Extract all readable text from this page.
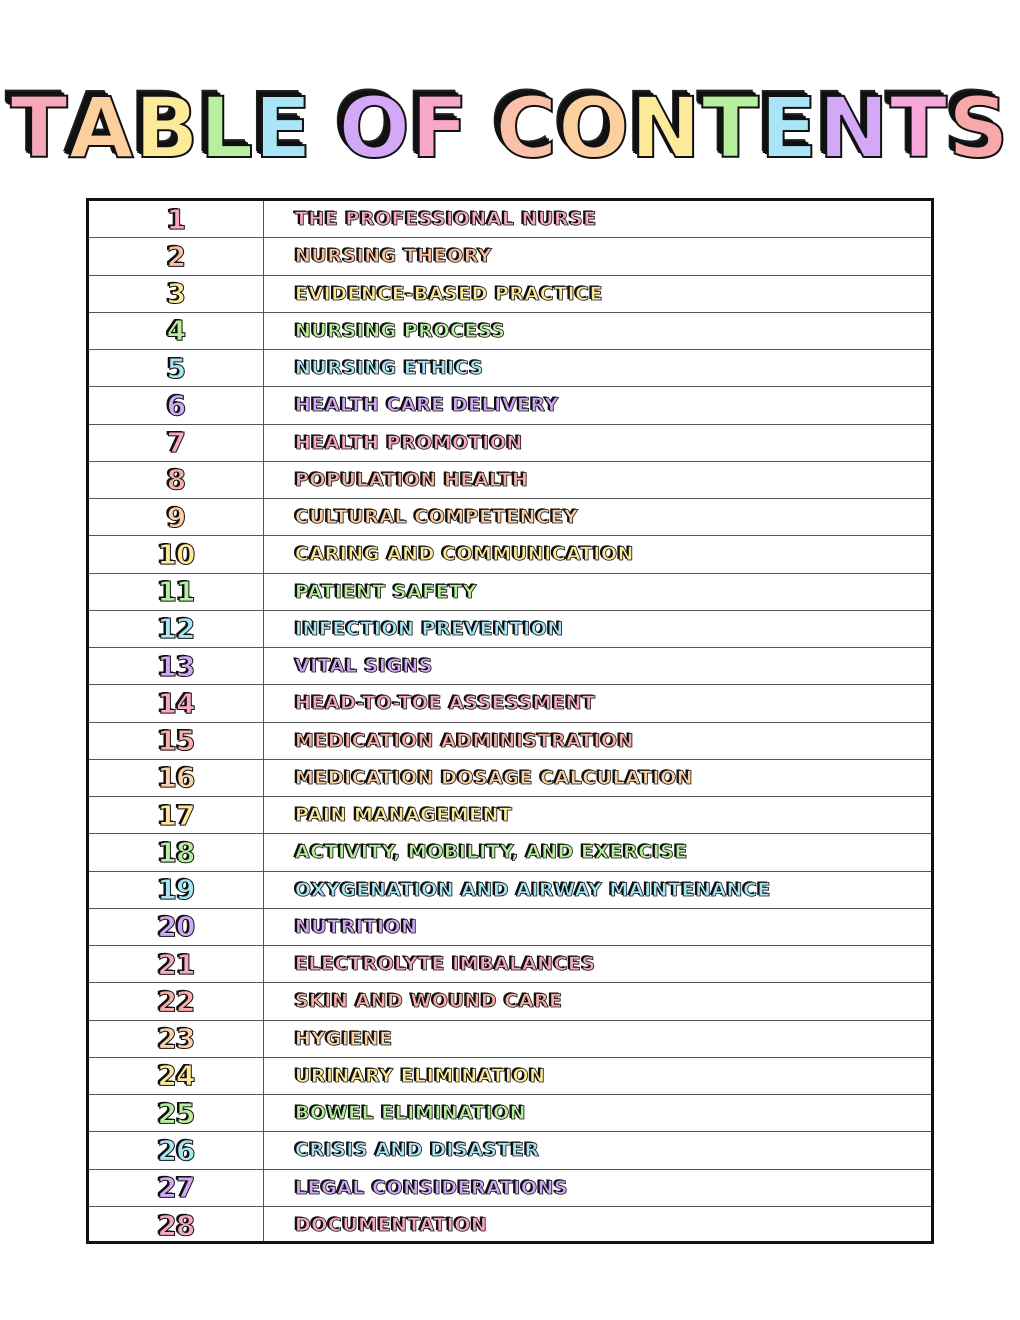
TABLE OF CONTENTS
1	THE PROFESSIONAL NURSE
2	NURSING THEORY
3	EVIDENCE-BASED PRACTICE
4	NURSING PROCESS
5	NURSING ETHICS
6	HEALTH CARE DELIVERY
7	HEALTH PROMOTION
8	POPULATION HEALTH
9	CULTURAL COMPETENCEY
10	CARING AND COMMUNICATION
11	PATIENT SAFETY
12	INFECTION PREVENTION
13	VITAL SIGNS
14	HEAD-TO-TOE ASSESSMENT
15	MEDICATION ADMINISTRATION
16	MEDICATION DOSAGE CALCULATION
17	PAIN MANAGEMENT
18	ACTIVITY, MOBILITY, AND EXERCISE
19	OXYGENATION AND AIRWAY MAINTENANCE
20	NUTRITION
21	ELECTROLYTE IMBALANCES
22	SKIN AND WOUND CARE
23	HYGIENE
24	URINARY ELIMINATION
25	BOWEL ELIMINATION
26	CRISIS AND DISASTER
27	LEGAL CONSIDERATIONS
28	DOCUMENTATION
